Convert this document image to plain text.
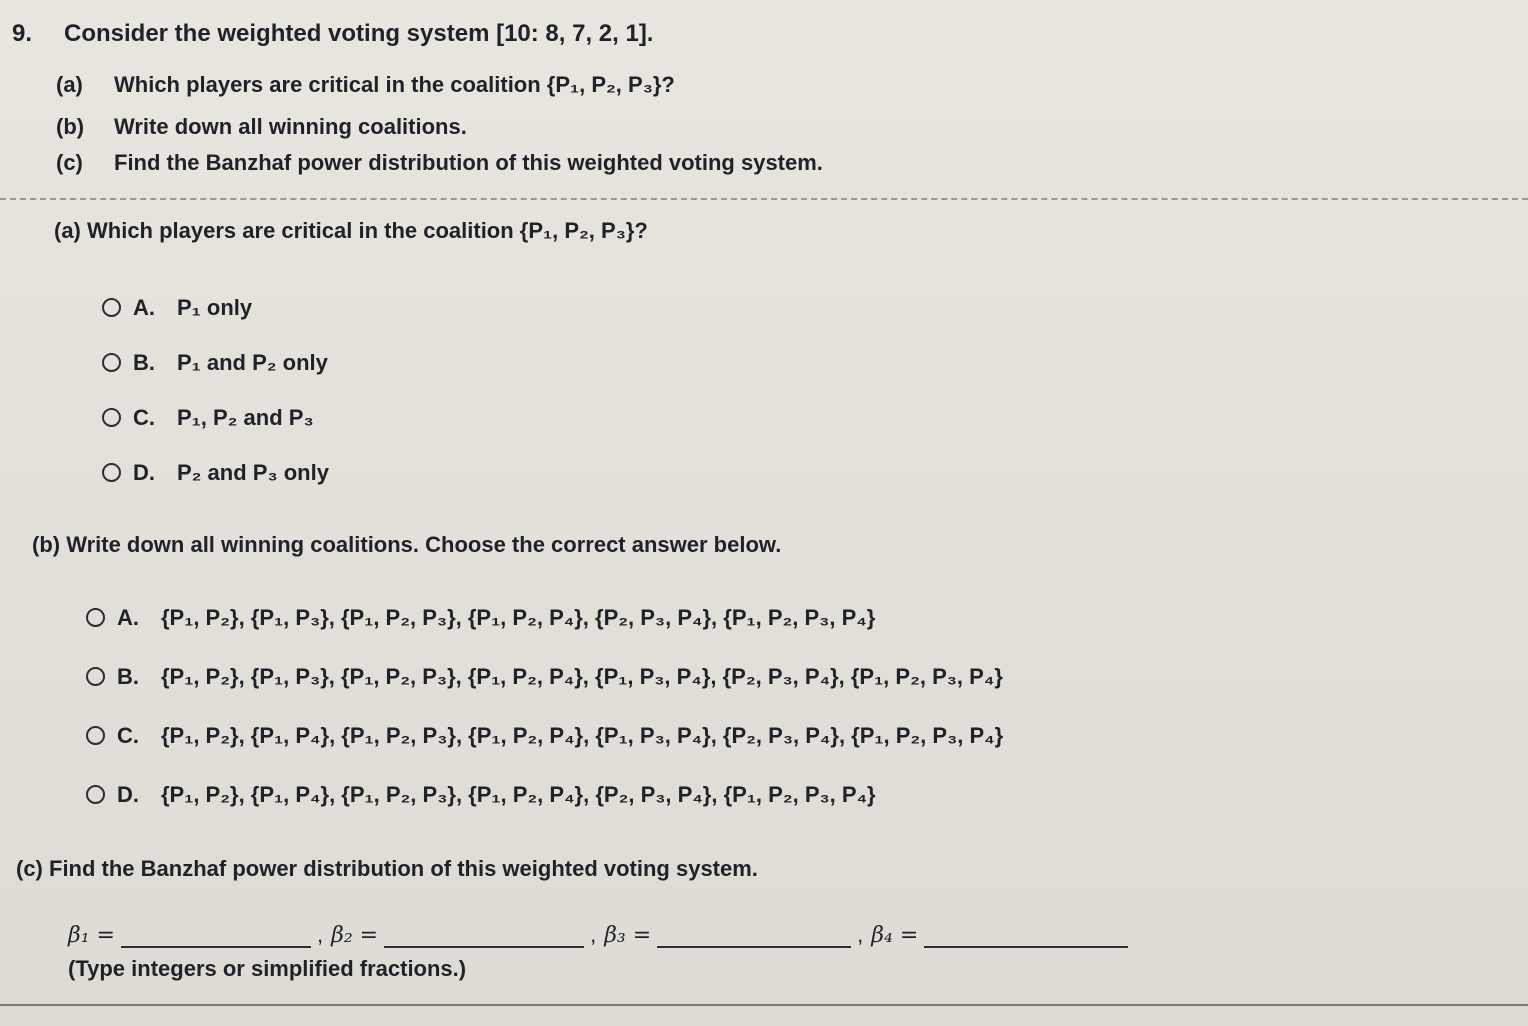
9. Consider the weighted voting system [10: 8, 7, 2, 1].
(a) Which players are critical in the coalition {P₁, P₂, P₃}?
(b) Write down all winning coalitions.
(c) Find the Banzhaf power distribution of this weighted voting system.
(a) Which players are critical in the coalition {P₁, P₂, P₃}?
A.	P₁ only
B.	P₁ and P₂ only
C.	P₁, P₂ and P₃
D.	P₂ and P₃ only
(b) Write down all winning coalitions. Choose the correct answer below.
A.	{P₁, P₂}, {P₁, P₃}, {P₁, P₂, P₃}, {P₁, P₂, P₄}, {P₂, P₃, P₄}, {P₁, P₂, P₃, P₄}
B.	{P₁, P₂}, {P₁, P₃}, {P₁, P₂, P₃}, {P₁, P₂, P₄}, {P₁, P₃, P₄}, {P₂, P₃, P₄}, {P₁, P₂, P₃, P₄}
C.	{P₁, P₂}, {P₁, P₄}, {P₁, P₂, P₃}, {P₁, P₂, P₄}, {P₁, P₃, P₄}, {P₂, P₃, P₄}, {P₁, P₂, P₃, P₄}
D.	{P₁, P₂}, {P₁, P₄}, {P₁, P₂, P₃}, {P₁, P₂, P₄}, {P₂, P₃, P₄}, {P₁, P₂, P₃, P₄}
(c) Find the Banzhaf power distribution of this weighted voting system.
β₁ =	, β₂ =	, β₃ =	, β₄ =
(Type integers or simplified fractions.)
